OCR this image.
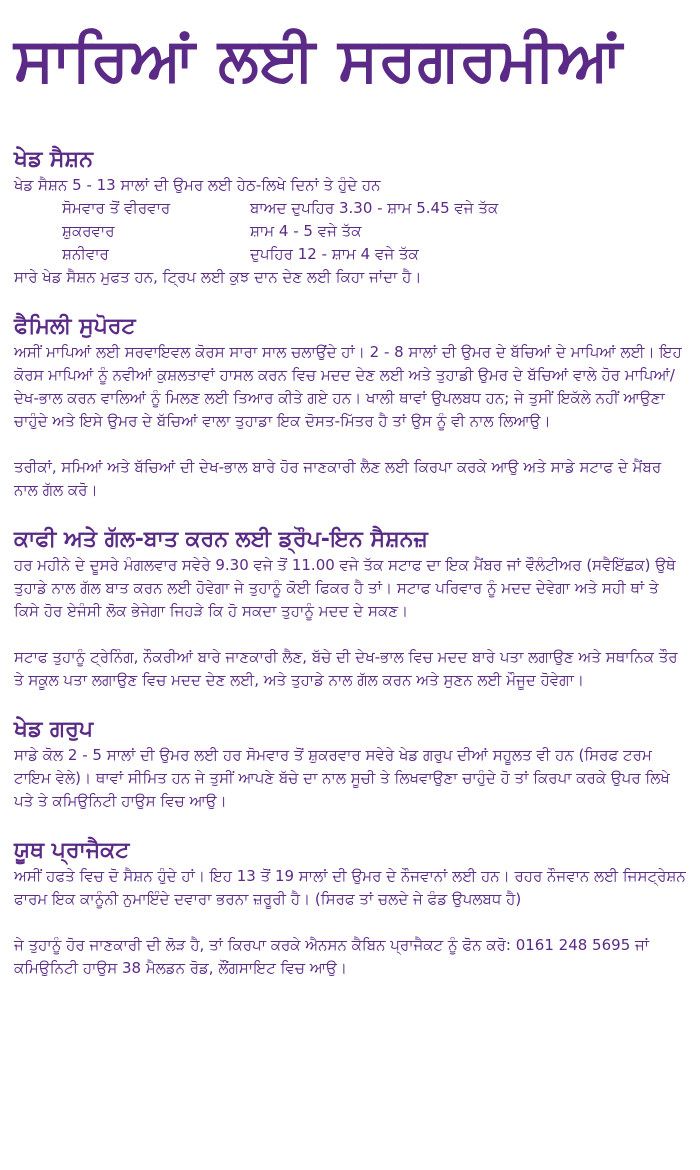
ਸਾਰਿਆਂ ਲਈ ਸਰਗਰਮੀਆਂ
ਖੇਡ ਸੈਸ਼ਨ

ਖੇਡ ਸੈਸ਼ਨ 5 - 13 ਸਾਲਾਂ ਦੀ ਉਮਰ ਲਈ ਹੇਠ-ਲਿਖੇ ਦਿਨਾਂ ਤੇ ਹੁੰਦੇ ਹਨ

ਸੋਮਵਾਰ ਤੋਂ ਵੀਰਵਾਰ	ਬਾਅਦ ਦੁਪਹਿਰ 3.30 - ਸ਼ਾਮ 5.45 ਵਜੇ ਤੱਕ
ਸ਼ੁਕਰਵਾਰ	ਸ਼ਾਮ 4 - 5 ਵਜੇ ਤੱਕ
ਸ਼ਨੀਵਾਰ	ਦੁਪਹਿਰ 12 - ਸ਼ਾਮ 4 ਵਜੇ ਤੱਕ

ਸਾਰੇ ਖੇਡ ਸੈਸ਼ਨ ਮੁਫਤ ਹਨ, ਟ੍ਰਿਪ ਲਈ ਕੁਝ ਦਾਨ ਦੇਣ ਲਈ ਕਿਹਾ ਜਾਂਦਾ ਹੈ।

ਫੈਮਿਲੀ ਸੁਪੋਰਟ

ਅਸੀਂ ਮਾਪਿਆਂ ਲਈ ਸਰਵਾਇਵਲ ਕੋਰਸ ਸਾਰਾ ਸਾਲ ਚਲਾਉਂਦੇ ਹਾਂ। 2 - 8 ਸਾਲਾਂ ਦੀ ਉਮਰ ਦੇ ਬੱਚਿਆਂ ਦੇ ਮਾਪਿਆਂ ਲਈ। ਇਹ ਕੋਰਸ ਮਾਪਿਆਂ ਨੂੰ ਨਵੀਆਂ ਕੁਸ਼ਲਤਾਵਾਂ ਹਾਸਲ ਕਰਨ ਵਿਚ ਮਦਦ ਦੇਣ ਲਈ ਅਤੇ ਤੁਹਾਡੀ ਉਮਰ ਦੇ ਬੱਚਿਆਂ ਵਾਲੇ ਹੋਰ ਮਾਪਿਆਂ/ਦੇਖ-ਭਾਲ ਕਰਨ ਵਾਲਿਆਂ ਨੂੰ ਮਿਲਣ ਲਈ ਤਿਆਰ ਕੀਤੇ ਗਏ ਹਨ। ਖਾਲੀ ਥਾਵਾਂ ਉਪਲਬਧ ਹਨ; ਜੇ ਤੁਸੀਂ ਇਕੱਲੇ ਨਹੀਂ ਆਉਣਾ ਚਾਹੁੰਦੇ ਅਤੇ ਇਸੇ ਉਮਰ ਦੇ ਬੱਚਿਆਂ ਵਾਲਾ ਤੁਹਾਡਾ ਇਕ ਦੋਸਤ-ਮਿੱਤਰ ਹੈ ਤਾਂ ਉਸ ਨੂੰ ਵੀ ਨਾਲ ਲਿਆਉ।

ਤਰੀਕਾਂ, ਸਮਿਆਂ ਅਤੇ ਬੱਚਿਆਂ ਦੀ ਦੇਖ-ਭਾਲ ਬਾਰੇ ਹੋਰ ਜਾਣਕਾਰੀ ਲੈਣ ਲਈ ਕਿਰਪਾ ਕਰਕੇ ਆਉ ਅਤੇ ਸਾਡੇ ਸਟਾਫ ਦੇ ਮੈਂਬਰ ਨਾਲ ਗੱਲ ਕਰੋ।

ਕਾਫੀ ਅਤੇ ਗੱਲ-ਬਾਤ ਕਰਨ ਲਈ ਡ੍ਰੌਪ-ਇਨ ਸੈਸ਼ਨਜ਼

ਹਰ ਮਹੀਨੇ ਦੇ ਦੂਸਰੇ ਮੰਗਲਵਾਰ ਸਵੇਰੇ 9.30 ਵਜੇ ਤੋਂ 11.00 ਵਜੇ ਤੱਕ ਸਟਾਫ ਦਾ ਇਕ ਮੈਂਬਰ ਜਾਂ ਵੌਲੰਟੀਅਰ (ਸਵੈਇੱਛਕ) ਉਥੇ ਤੁਹਾਡੇ ਨਾਲ ਗੱਲ ਬਾਤ ਕਰਨ ਲਈ ਹੋਵੇਗਾ ਜੇ ਤੁਹਾਨੂੰ ਕੋਈ ਫਿਕਰ ਹੈ ਤਾਂ। ਸਟਾਫ ਪਰਿਵਾਰ ਨੂੰ ਮਦਦ ਦੇਵੇਗਾ ਅਤੇ ਸਹੀ ਥਾਂ ਤੇ ਕਿਸੇ ਹੋਰ ਏਜੰਸੀ ਲੋਕ ਭੇਜੇਗਾ ਜਿਹੜੇ ਕਿ ਹੋ ਸਕਦਾ ਤੁਹਾਨੂੰ ਮਦਦ ਦੇ ਸਕਣ।

ਸਟਾਫ ਤੁਹਾਨੂੰ ਟ੍ਰੇਨਿੰਗ, ਨੌਕਰੀਆਂ ਬਾਰੇ ਜਾਣਕਾਰੀ ਲੈਣ, ਬੱਚੇ ਦੀ ਦੇਖ-ਭਾਲ ਵਿਚ ਮਦਦ ਬਾਰੇ ਪਤਾ ਲਗਾਉਣ ਅਤੇ ਸਥਾਨਿਕ ਤੌਰ ਤੇ ਸਕੂਲ ਪਤਾ ਲਗਾਉਣ ਵਿਚ ਮਦਦ ਦੇਣ ਲਈ, ਅਤੇ ਤੁਹਾਡੇ ਨਾਲ ਗੱਲ ਕਰਨ ਅਤੇ ਸੁਣਨ ਲਈ ਮੌਜੂਦ ਹੋਵੇਗਾ।

ਖੇਡ ਗਰੁਪ

ਸਾਡੇ ਕੋਲ 2 - 5 ਸਾਲਾਂ ਦੀ ਉਮਰ ਲਈ ਹਰ ਸੋਮਵਾਰ ਤੋਂ ਸ਼ੁਕਰਵਾਰ ਸਵੇਰੇ ਖੇਡ ਗਰੁਪ ਦੀਆਂ ਸਹੂਲਤ ਵੀ ਹਨ (ਸਿਰਫ ਟਰਮ ਟਾਇਮ ਵੇਲੇ)। ਥਾਵਾਂ ਸੀਮਿਤ ਹਨ ਜੇ ਤੁਸੀਂ ਆਪਣੇ ਬੱਚੇ ਦਾ ਨਾਲ ਸੂਚੀ ਤੇ ਲਿਖਵਾਉਣਾ ਚਾਹੁੰਦੇ ਹੋ ਤਾਂ ਕਿਰਪਾ ਕਰਕੇ ਉਪਰ ਲਿਖੇ ਪਤੇ ਤੇ ਕਮਿਉਨਿਟੀ ਹਾਉਸ ਵਿਚ ਆਉ।

ਯੂਥ ਪ੍ਰਾਜੈਕਟ

ਅਸੀਂ ਹਫਤੇ ਵਿਚ ਦੋ ਸੈਸ਼ਨ ਹੁੰਦੇ ਹਾਂ। ਇਹ 13 ਤੋਂ 19 ਸਾਲਾਂ ਦੀ ਉਮਰ ਦੇ ਨੌਜਵਾਨਾਂ ਲਈ ਹਨ। ਰਹਰ ਨੌਜਵਾਨ ਲਈ ਜਿਸਟ੍ਰੇਸ਼ਨ ਫਾਰਮ ਇਕ ਕਾਨੂੰਨੀ ਨੁਮਾਇੰਦੇ ਦਵਾਰਾ ਭਰਨਾ ਜ਼ਰੂਰੀ ਹੈ। (ਸਿਰਫ ਤਾਂ ਚਲਦੇ ਜੇ ਫੰਡ ਉਪਲਬਧ ਹੈ)

ਜੇ ਤੁਹਾਨੂੰ ਹੋਰ ਜਾਣਕਾਰੀ ਦੀ ਲੋੜ ਹੈ, ਤਾਂ ਕਿਰਪਾ ਕਰਕੇ ਐਨਸਨ ਕੈਬਿਨ ਪ੍ਰਾਜੈਕਟ ਨੂੰ ਫੋਨ ਕਰੋ: 0161 248 5695 ਜਾਂ ਕਮਿਉਨਿਟੀ ਹਾਉਸ 38 ਮੈਲਡਨ ਰੋਡ, ਲੌਂਗਸਾਇਟ ਵਿਚ ਆਉ।
